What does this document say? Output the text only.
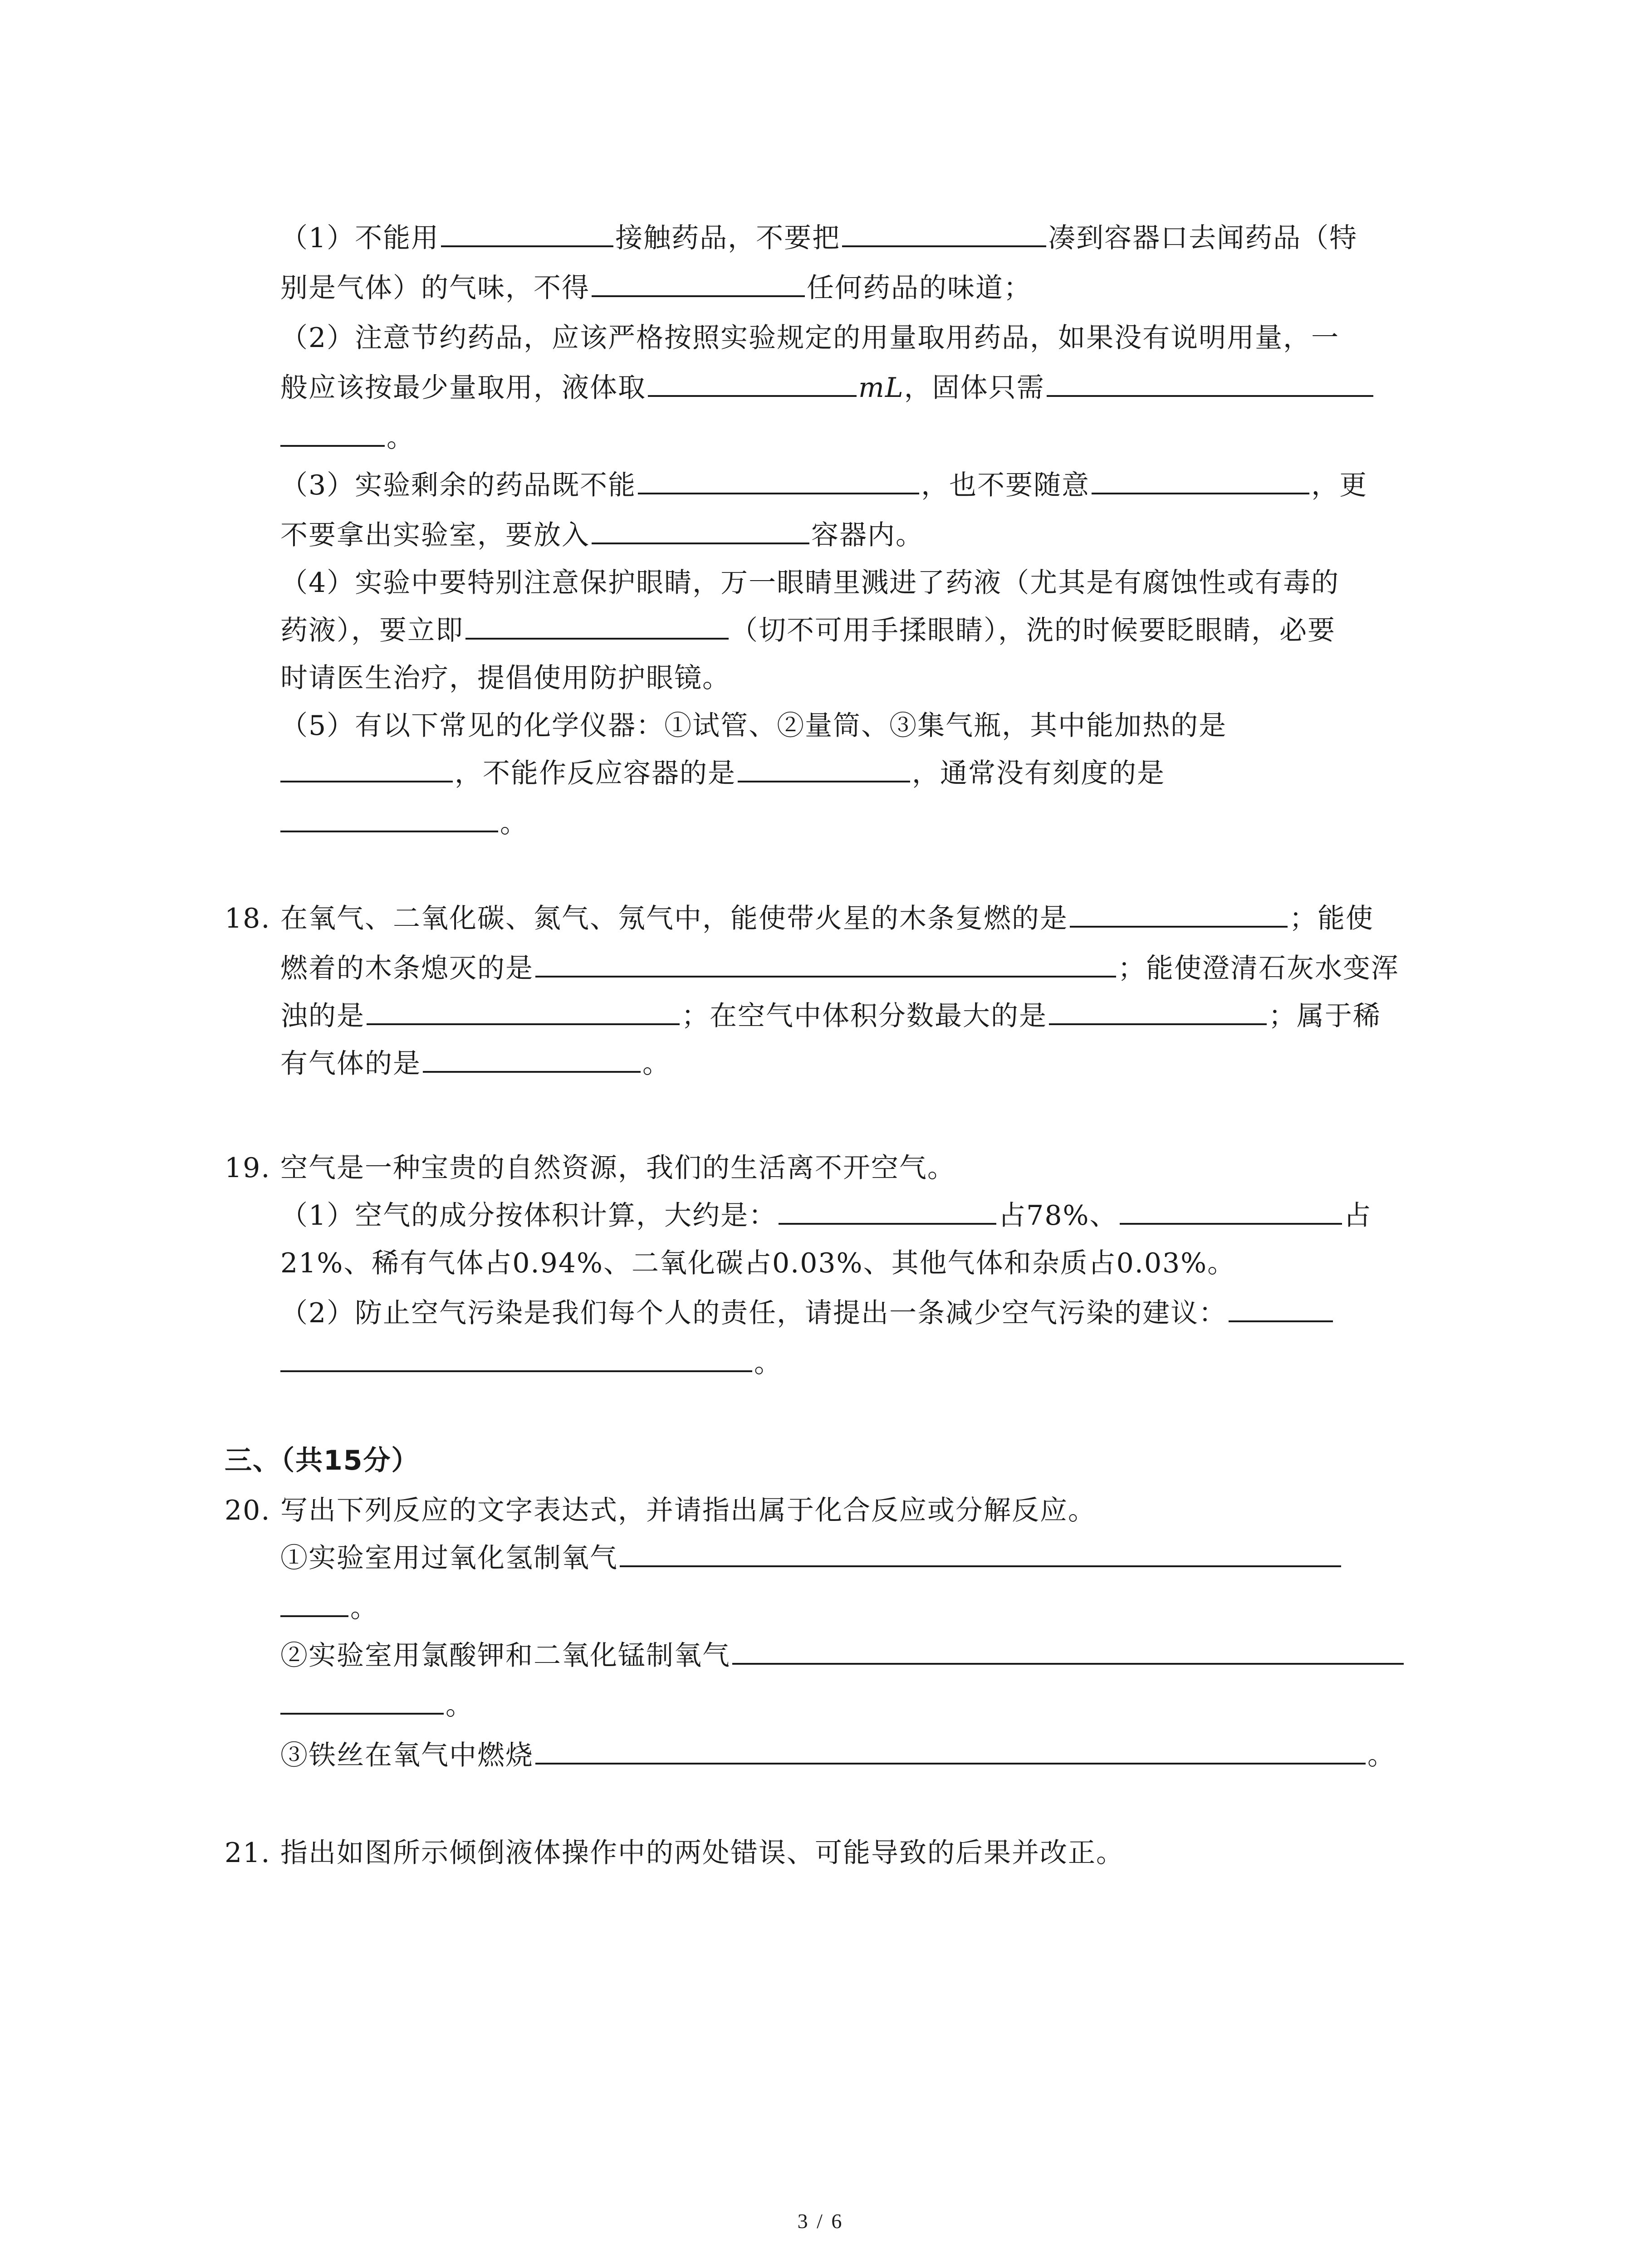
（1）不能用	接触药品，不要把	凑到容器口去闻药品（特
别是气体）的气味，不得	任何药品的味道；
（2）注意节约药品，应该严格按照实验规定的用量取用药品，如果没有说明用量，一
般应该按最少量取用，液体取	mL，固体只需
。
（3）实验剩余的药品既不能	，也不要随意	，更
不要拿出实验室，要放入	容器内。
（4）实验中要特别注意保护眼睛，万一眼睛里溅进了药液（尤其是有腐蚀性或有毒的
药液），要立即	（切不可用手揉眼睛），洗的时候要眨眼睛，必要
时请医生治疗，提倡使用防护眼镜。
（5）有以下常见的化学仪器：①试管、②量筒、③集气瓶，其中能加热的是
，不能作反应容器的是	，通常没有刻度的是
。
18. 在氧气、二氧化碳、氮气、氖气中，能使带火星的木条复燃的是	；能使
燃着的木条熄灭的是	；能使澄清石灰水变浑
浊的是	；在空气中体积分数最大的是	；属于稀
有气体的是	。
19. 空气是一种宝贵的自然资源，我们的生活离不开空气。
（1）空气的成分按体积计算，大约是：	占78%、	占
21%、稀有气体占0.94%、二氧化碳占0.03%、其他气体和杂质占0.03%。
（2）防止空气污染是我们每个人的责任，请提出一条减少空气污染的建议：
。
三、（共15分）
20. 写出下列反应的文字表达式，并请指出属于化合反应或分解反应。
①实验室用过氧化氢制氧气
。
②实验室用氯酸钾和二氧化锰制氧气
。
③铁丝在氧气中燃烧	。
21. 指出如图所示倾倒液体操作中的两处错误、可能导致的后果并改正。
3 / 6
